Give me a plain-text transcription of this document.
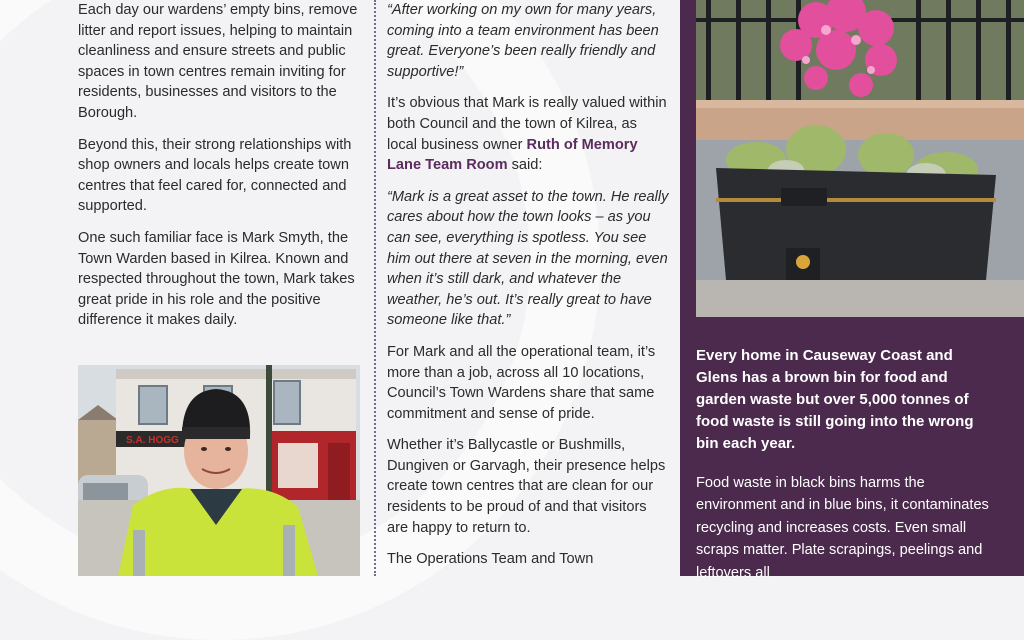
Each day our wardens’ empty bins, remove litter and report issues, helping to maintain cleanliness and ensure streets and public spaces in town centres remain inviting for residents, businesses and visitors to the Borough.

Beyond this, their strong relationships with shop owners and locals helps create town centres that feel cared for, connected and supported.

One such familiar face is Mark Smyth, the Town Warden based in Kilrea. Known and respected throughout the town, Mark takes great pride in his role and the positive difference it makes daily.

S.A. HOGG

“After working on my own for many years, coming into a team environment has been great. Everyone’s been really friendly and supportive!”

It’s obvious that Mark is really valued within both Council and the town of Kilrea, as local business owner Ruth of Memory Lane Team Room said:

“Mark is a great asset to the town. He really cares about how the town looks – as you can see, everything is spotless. You see him out there at seven in the morning, even when it’s still dark, and whatever the weather, he’s out. It’s really great to have someone like that.”

For Mark and all the operational team, it’s more than a job, across all 10 locations, Council’s Town Wardens share that same commitment and sense of pride.

Whether it’s Ballycastle or Bushmills, Dungiven or Garvagh, their presence helps create town centres that are clean for our residents to be proud of and that visitors are happy to return to.

The Operations Team and Town

Every home in Causeway Coast and Glens has a brown bin for food and garden waste but over 5,000 tonnes of food waste is still going into the wrong bin each year.
Food waste in black bins harms the environment and in blue bins, it contaminates recycling and increases costs. Even small scraps matter. Plate scrapings, peelings and leftovers all
